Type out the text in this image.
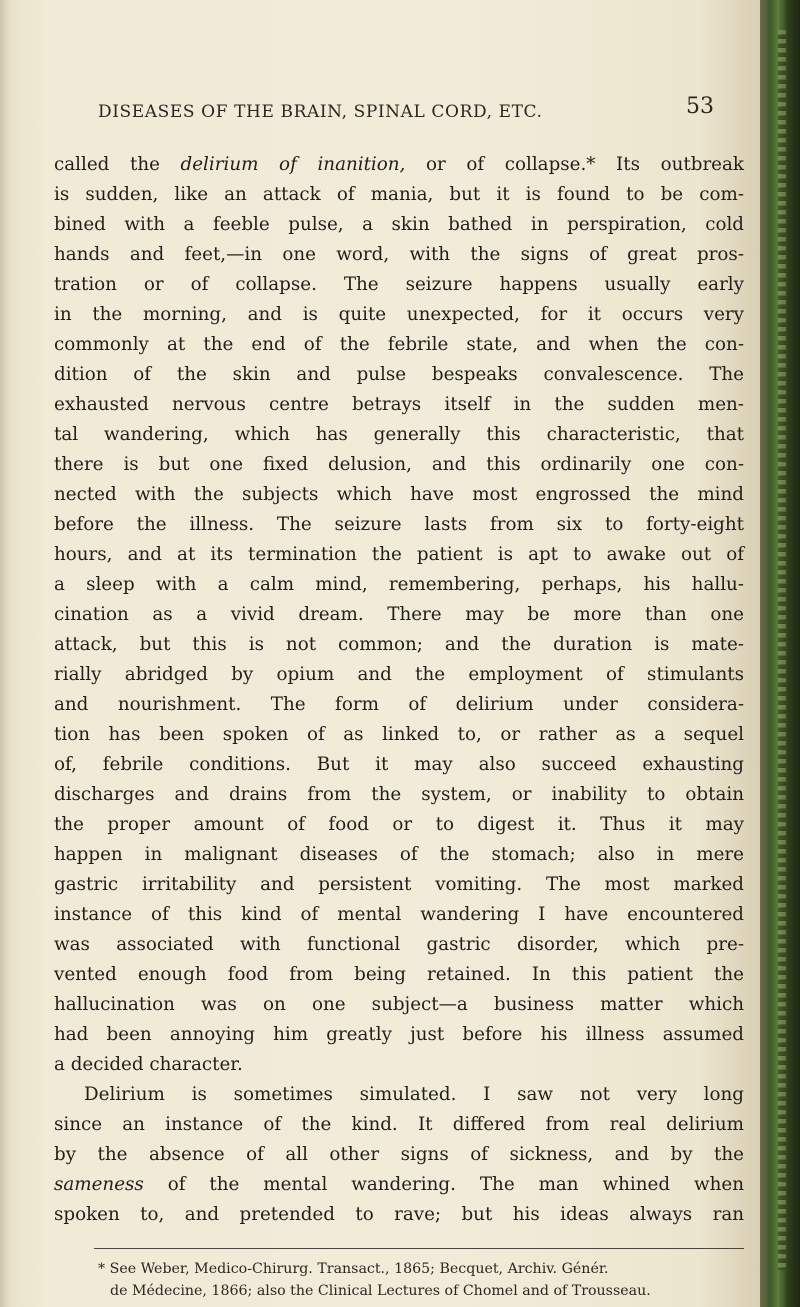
DISEASES OF THE BRAIN, SPINAL CORD, ETC.	53
called the delirium of inanition, or of collapse.* Its outbreak
is sudden, like an attack of mania, but it is found to be com-
bined with a feeble pulse, a skin bathed in perspiration, cold
hands and feet,—in one word, with the signs of great pros-
tration or of collapse. The seizure happens usually early
in the morning, and is quite unexpected, for it occurs very
commonly at the end of the febrile state, and when the con-
dition of the skin and pulse bespeaks convalescence. The
exhausted nervous centre betrays itself in the sudden men-
tal wandering, which has generally this characteristic, that
there is but one fixed delusion, and this ordinarily one con-
nected with the subjects which have most engrossed the mind
before the illness. The seizure lasts from six to forty-eight
hours, and at its termination the patient is apt to awake out of
a sleep with a calm mind, remembering, perhaps, his hallu-
cination as a vivid dream. There may be more than one
attack, but this is not common; and the duration is mate-
rially abridged by opium and the employment of stimulants
and nourishment. The form of delirium under considera-
tion has been spoken of as linked to, or rather as a sequel
of, febrile conditions. But it may also succeed exhausting
discharges and drains from the system, or inability to obtain
the proper amount of food or to digest it. Thus it may
happen in malignant diseases of the stomach; also in mere
gastric irritability and persistent vomiting. The most marked
instance of this kind of mental wandering I have encountered
was associated with functional gastric disorder, which pre-
vented enough food from being retained. In this patient the
hallucination was on one subject—a business matter which
had been annoying him greatly just before his illness assumed
a decided character.
Delirium is sometimes simulated. I saw not very long
since an instance of the kind. It differed from real delirium
by the absence of all other signs of sickness, and by the
sameness of the mental wandering. The man whined when
spoken to, and pretended to rave; but his ideas always ran
* See Weber, Medico-Chirurg. Transact., 1865; Becquet, Archiv. Génér.
de Médecine, 1866; also the Clinical Lectures of Chomel and of Trousseau.
